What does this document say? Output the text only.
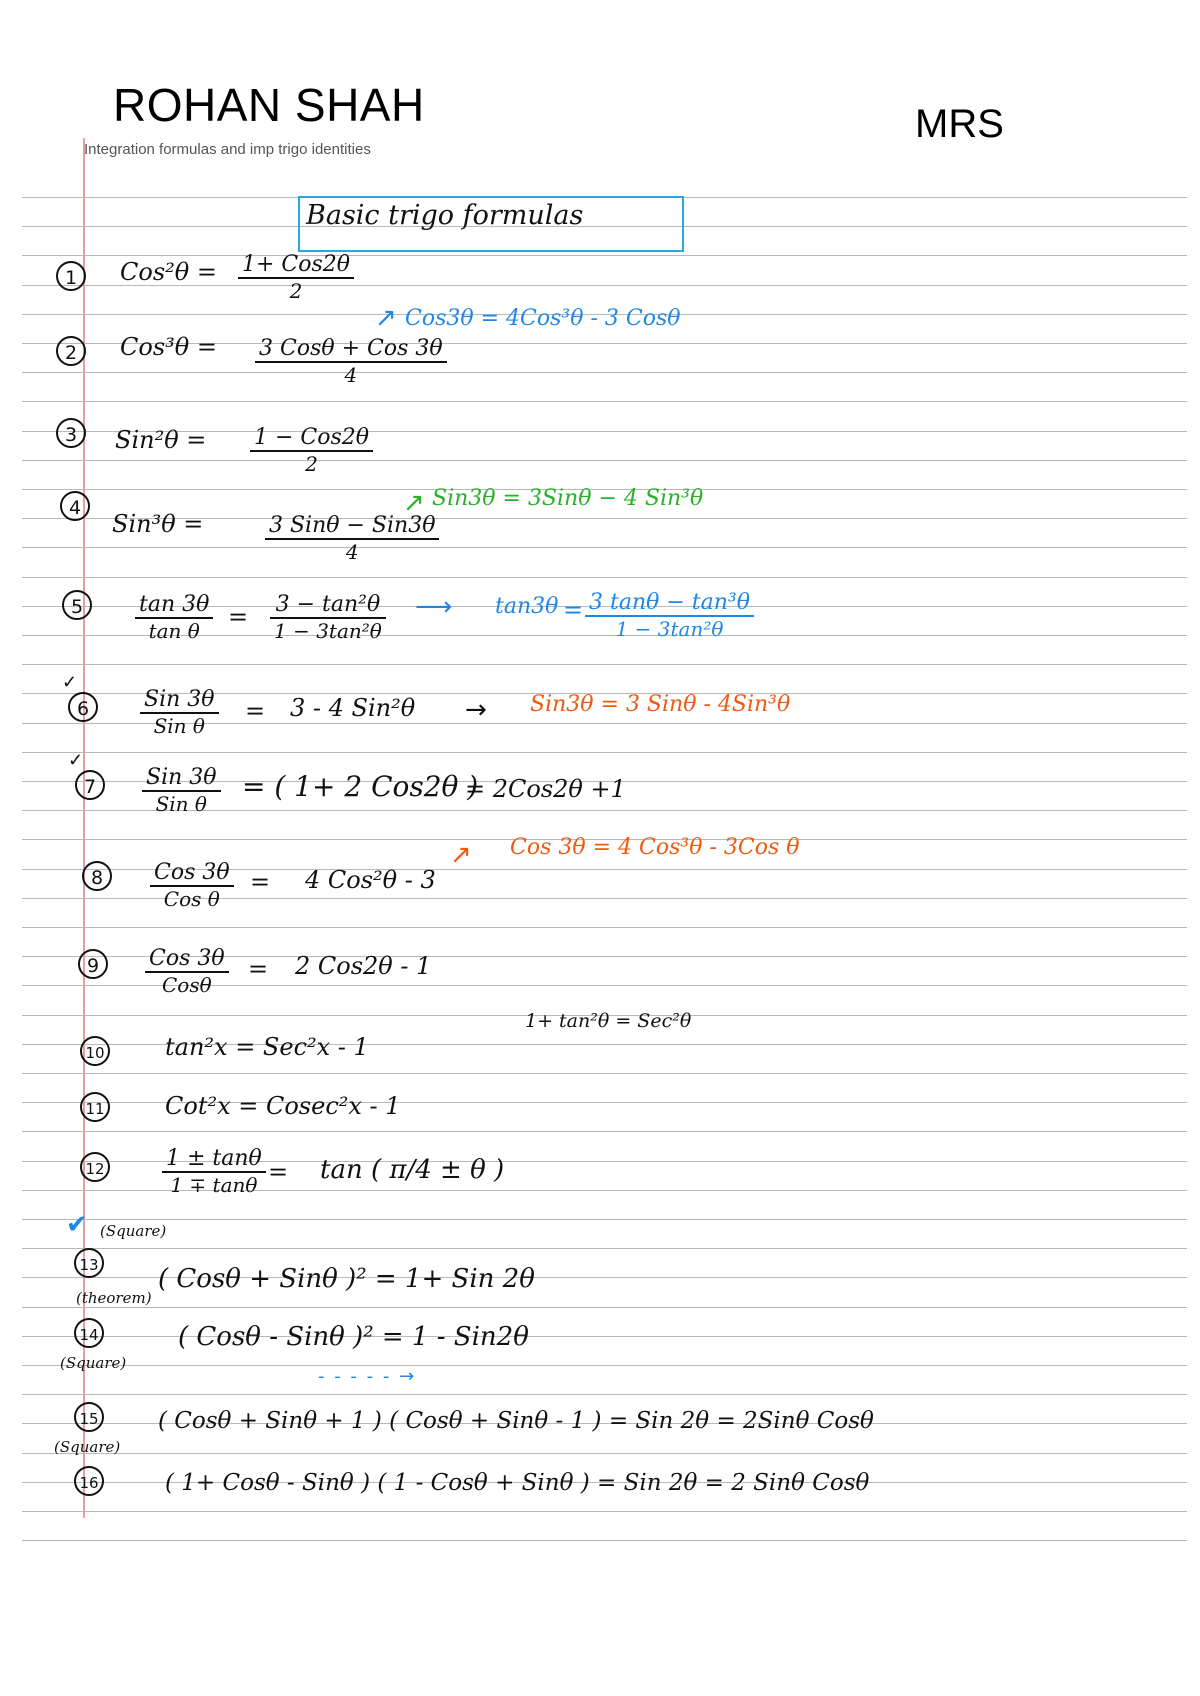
ROHAN SHAH	MRS
Integration formulas and imp trigo identities
Basic trigo formulas
1	Cos²θ = 1+ Cos2θ
2
↗ Cos3θ = 4Cos³θ - 3 Cosθ
2	Cos³θ = 3 Cosθ + Cos 3θ
4
3	Sin²θ = 1 − Cos2θ
2
↗ Sin3θ = 3Sinθ − 4 Sin³θ
4
Sin³θ =	3 Sinθ − Sin3θ
4
5	$\frac{\tan 3\theta}{\text{tan θ}} = \frac{\text{3 − tan²θ}}{\text{1 − 3tan²θ}}$ ⟶ $\tan 3\theta = \frac{\text{3 tanθ − tan³θ}}{\text{1 − 3tan²θ}}$
✓
6	Sin 3θ
Sin θ
= 3 - 4 Sin²θ → Sin3θ = 3 Sinθ - 4Sin³θ
✓
7	Sin 3θ
Sin θ
= ( 1+ 2 Cos2θ )
= 2Cos2θ +1
↗ Cos 3θ = 4 Cos³θ - 3Cos θ
8	Cos 3θ
Cos θ
= 4 Cos²θ - 3
9	Cos 3θ
Cosθ
= 2 Cos2θ - 1
1+ tan²θ = Sec²θ
10	tan²x = Sec²x - 1
11	Cot²x = Cosec²x - 1
12	$\frac{1 \pm \tan\theta}{1 \mp \tan\theta} = \tan$ ( π/4 ± θ )
✔ (Square)
13
(theorem)
( Cosθ + Sinθ )² = 1+ Sin 2θ
14
(Square)
( Cosθ - Sinθ )² = 1 - Sin2θ
- - - - - →
15
(Square)
( Cosθ + Sinθ + 1 ) ( Cosθ + Sinθ - 1 ) = Sin 2θ = 2Sinθ Cosθ
16	( 1+ Cosθ - Sinθ ) ( 1 - Cosθ + Sinθ ) = Sin 2θ = 2 Sinθ Cosθ
